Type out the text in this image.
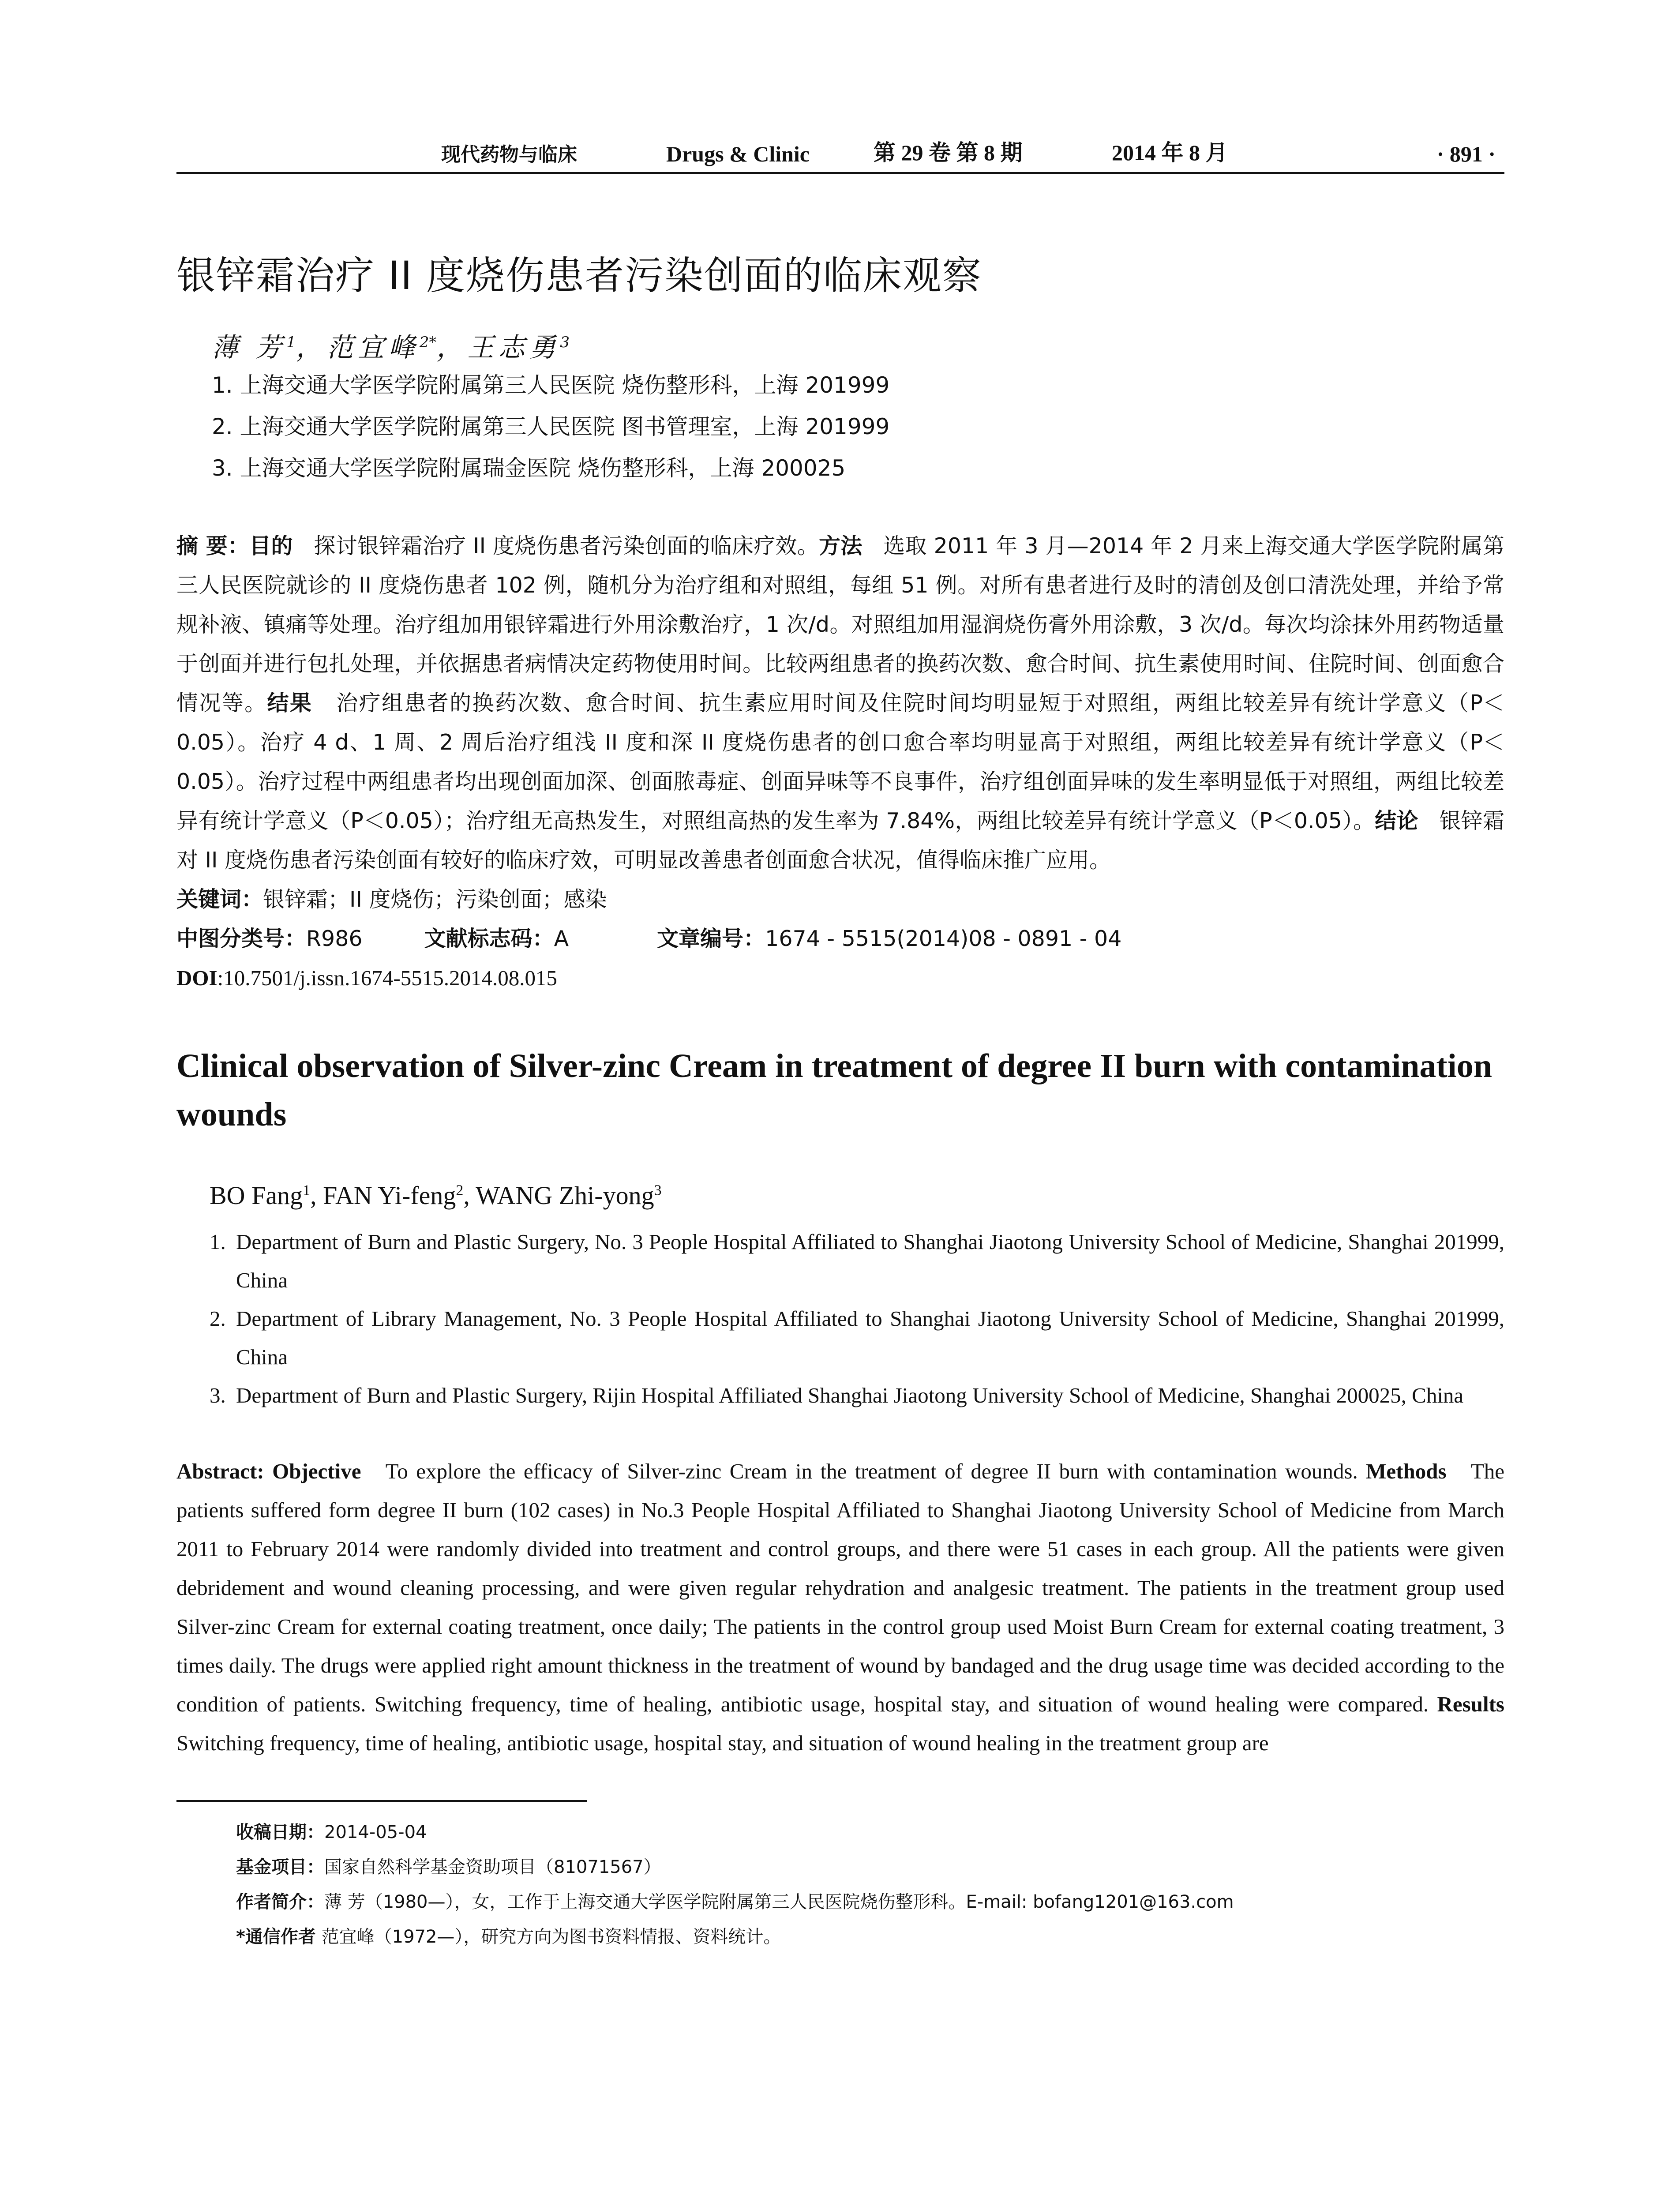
现代药物与临床	Drugs & Clinic	第 29 卷 第 8 期	2014 年 8 月	· 891 ·
银锌霜治疗 II 度烧伤患者污染创面的临床观察
薄 芳$^1$，范宜峰$^{2*}$，王志勇$^3$
1. 上海交通大学医学院附属第三人民医院 烧伤整形科，上海 201999
2. 上海交通大学医学院附属第三人民医院 图书管理室，上海 201999
3. 上海交通大学医学院附属瑞金医院 烧伤整形科，上海 200025
摘 要：目的 探讨银锌霜治疗 II 度烧伤患者污染创面的临床疗效。方法 选取 2011 年 3 月—2014 年 2 月来上海交通大学医学院附属第三人民医院就诊的 II 度烧伤患者 102 例，随机分为治疗组和对照组，每组 51 例。对所有患者进行及时的清创及创口清洗处理，并给予常规补液、镇痛等处理。治疗组加用银锌霜进行外用涂敷治疗，1 次/d。对照组加用湿润烧伤膏外用涂敷，3 次/d。每次均涂抹外用药物适量于创面并进行包扎处理，并依据患者病情决定药物使用时间。比较两组患者的换药次数、愈合时间、抗生素使用时间、住院时间、创面愈合情况等。结果 治疗组患者的换药次数、愈合时间、抗生素应用时间及住院时间均明显短于对照组，两组比较差异有统计学意义（P＜0.05）。治疗 4 d、1 周、2 周后治疗组浅 II 度和深 II 度烧伤患者的创口愈合率均明显高于对照组，两组比较差异有统计学意义（P＜0.05）。治疗过程中两组患者均出现创面加深、创面脓毒症、创面异味等不良事件，治疗组创面异味的发生率明显低于对照组，两组比较差异有统计学意义（P＜0.05）；治疗组无高热发生，对照组高热的发生率为 7.84%，两组比较差异有统计学意义（P＜0.05）。结论 银锌霜对 II 度烧伤患者污染创面有较好的临床疗效，可明显改善患者创面愈合状况，值得临床推广应用。
关键词：银锌霜；II 度烧伤；污染创面；感染
中图分类号：R986	文献标志码：A	文章编号：1674 - 5515(2014)08 - 0891 - 04
DOI:10.7501/j.issn.1674-5515.2014.08.015
Clinical observation of Silver-zinc Cream in treatment of degree II burn with contamination wounds
BO Fang$^1$, FAN Yi-feng$^2$, WANG Zhi-yong$^3$
1. Department of Burn and Plastic Surgery, No. 3 People Hospital Affiliated to Shanghai Jiaotong University School of Medicine, Shanghai 201999, China
2. Department of Library Management, No. 3 People Hospital Affiliated to Shanghai Jiaotong University School of Medicine, Shanghai 201999, China
3. Department of Burn and Plastic Surgery, Rijin Hospital Affiliated Shanghai Jiaotong University School of Medicine, Shanghai 200025, China
Abstract: Objective To explore the efficacy of Silver-zinc Cream in the treatment of degree II burn with contamination wounds. Methods The patients suffered form degree II burn (102 cases) in No.3 People Hospital Affiliated to Shanghai Jiaotong University School of Medicine from March 2011 to February 2014 were randomly divided into treatment and control groups, and there were 51 cases in each group. All the patients were given debridement and wound cleaning processing, and were given regular rehydration and analgesic treatment. The patients in the treatment group used Silver-zinc Cream for external coating treatment, once daily; The patients in the control group used Moist Burn Cream for external coating treatment, 3 times daily. The drugs were applied right amount thickness in the treatment of wound by bandaged and the drug usage time was decided according to the condition of patients. Switching frequency, time of healing, antibiotic usage, hospital stay, and situation of wound healing were compared. Results Switching frequency, time of healing, antibiotic usage, hospital stay, and situation of wound healing in the treatment group are
收稿日期：2014-05-04
基金项目：国家自然科学基金资助项目（81071567）
作者简介：薄 芳（1980—），女，工作于上海交通大学医学院附属第三人民医院烧伤整形科。E-mail: bofang1201@163.com
*通信作者 范宜峰（1972—），研究方向为图书资料情报、资料统计。
